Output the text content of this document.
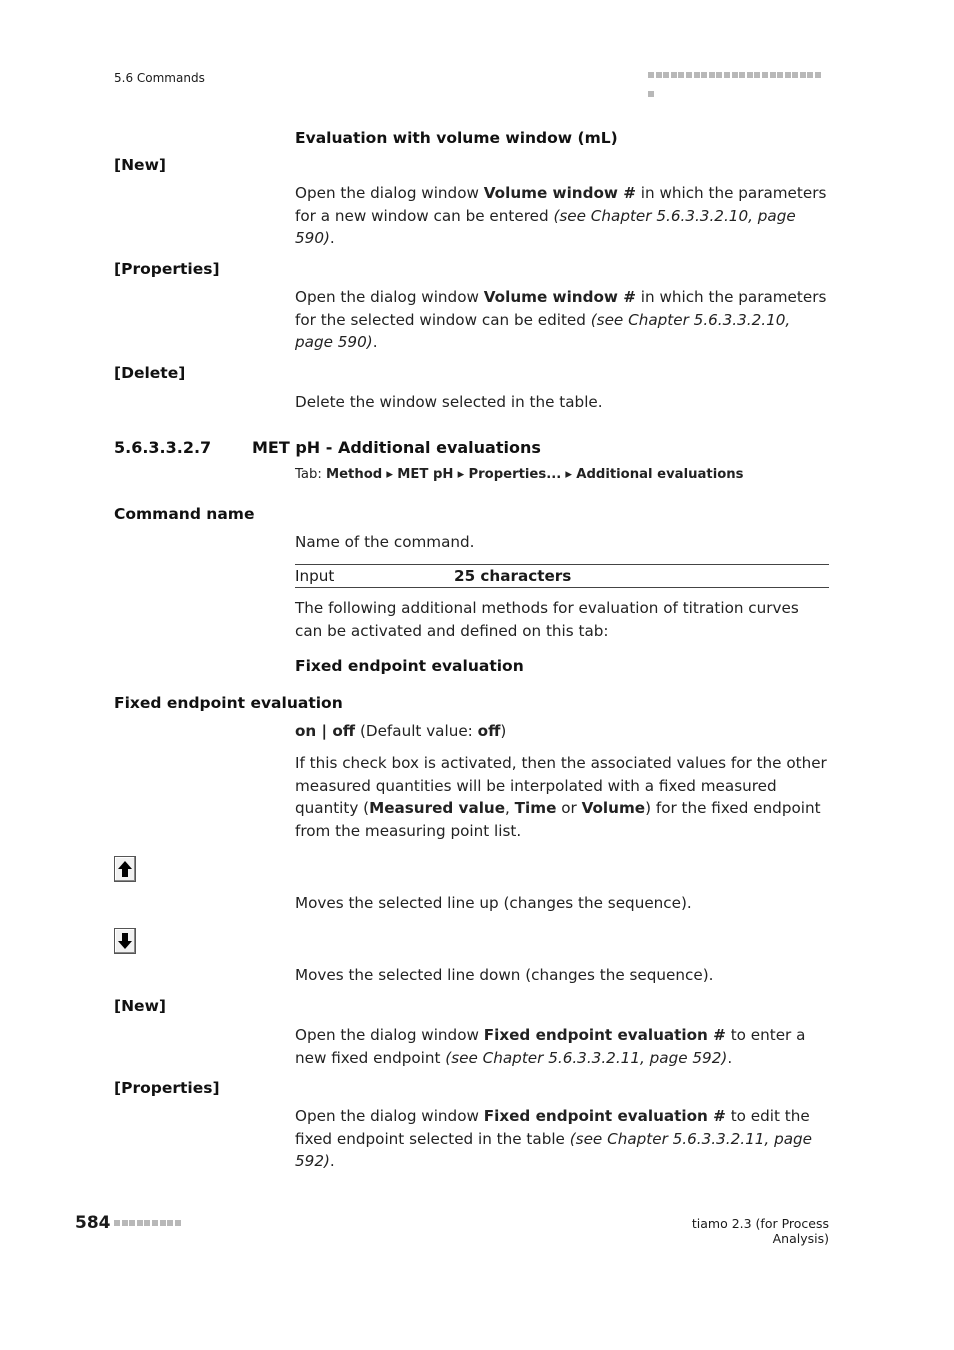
5.6 Commands
Evaluation with volume window (mL)
[New]
Open the dialog window Volume window # in which the parameters for a new window can be entered (see Chapter 5.6.3.3.2.10, page 590).
[Properties]
Open the dialog window Volume window # in which the parameters for the selected window can be edited (see Chapter 5.6.3.3.2.10, page 590).
[Delete]
Delete the window selected in the table.
5.6.3.3.2.7	MET pH - Additional evaluations
Tab: Method ▸ MET pH ▸ Properties... ▸ Additional evaluations
Command name
Name of the command.
Input	25 characters
The following additional methods for evaluation of titration curves can be activated and defined on this tab:
Fixed endpoint evaluation
Fixed endpoint evaluation
on | off (Default value: off)
If this check box is activated, then the associated values for the other measured quantities will be interpolated with a fixed measured quantity (Measured value, Time or Volume) for the fixed endpoint from the measuring point list.
Moves the selected line up (changes the sequence).
Moves the selected line down (changes the sequence).
[New]
Open the dialog window Fixed endpoint evaluation # to enter a new fixed endpoint (see Chapter 5.6.3.3.2.11, page 592).
[Properties]
Open the dialog window Fixed endpoint evaluation # to edit the fixed endpoint selected in the table (see Chapter 5.6.3.3.2.11, page 592).
584	tiamo 2.3 (for Process Analysis)
